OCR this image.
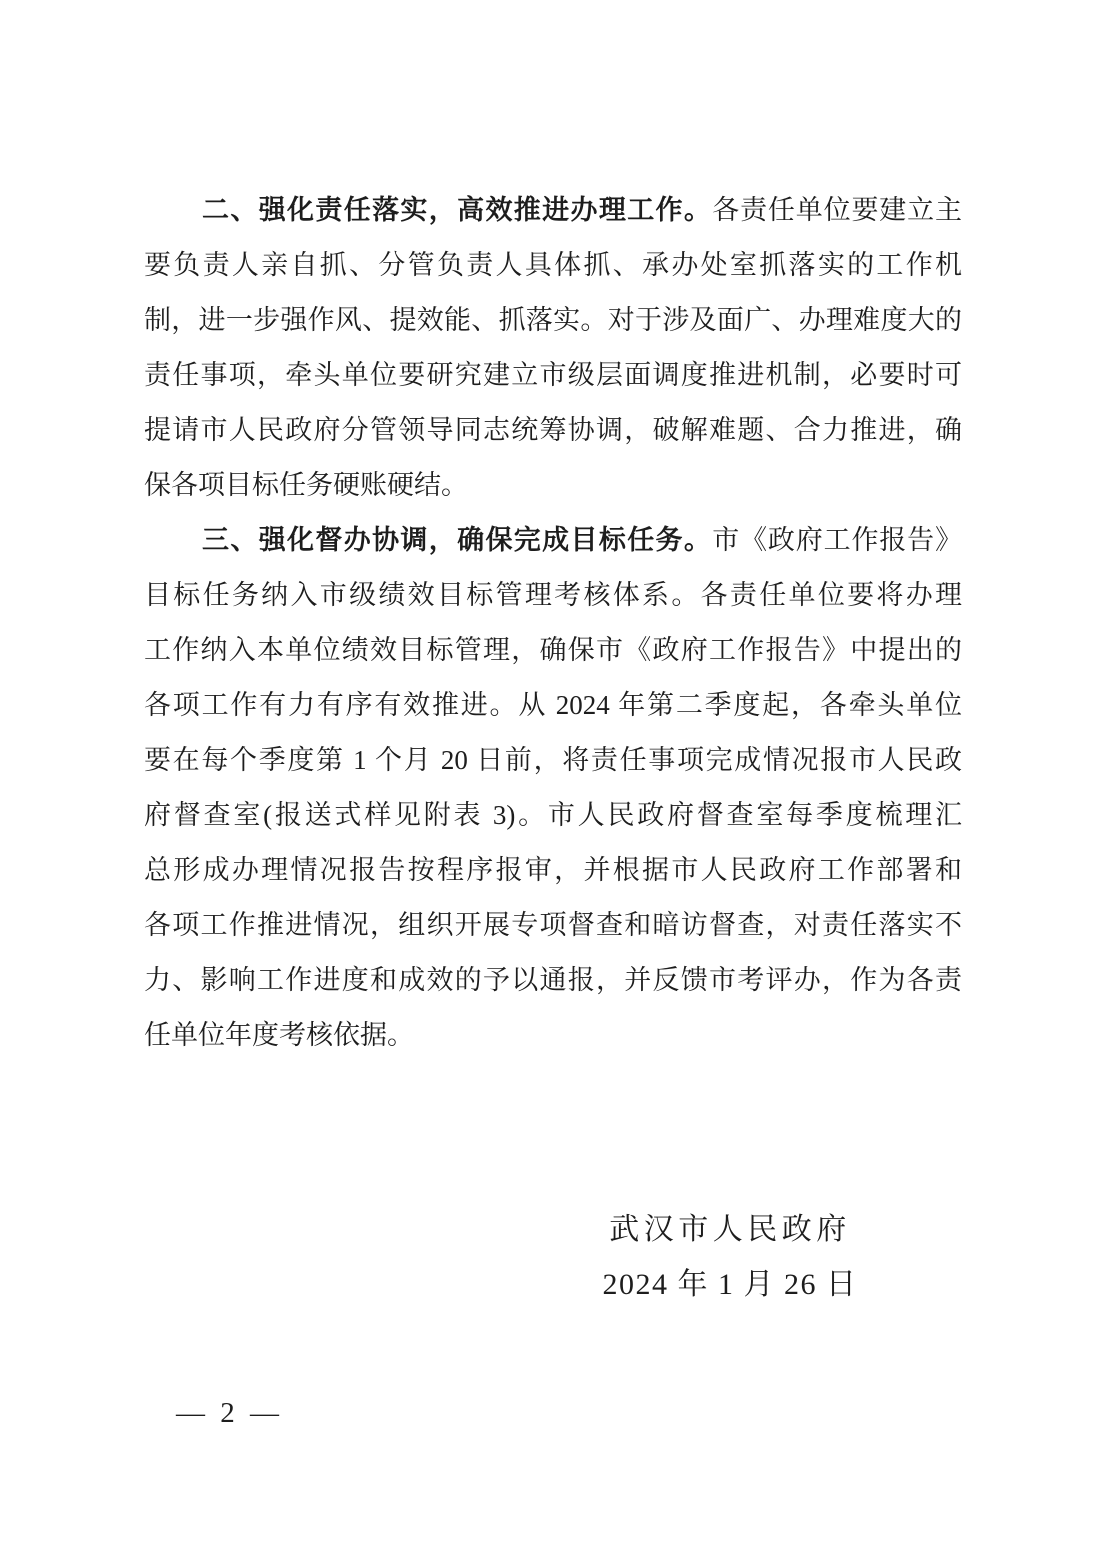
二、强化责任落实，高效推进办理工作。各责任单位要建立主
要负责人亲自抓、分管负责人具体抓、承办处室抓落实的工作机
制，进一步强作风、提效能、抓落实。对于涉及面广、办理难度大的
责任事项，牵头单位要研究建立市级层面调度推进机制，必要时可
提请市人民政府分管领导同志统筹协调，破解难题、合力推进，确
保各项目标任务硬账硬结。
三、强化督办协调，确保完成目标任务。市《政府工作报告》
目标任务纳入市级绩效目标管理考核体系。各责任单位要将办理
工作纳入本单位绩效目标管理，确保市《政府工作报告》中提出的
各项工作有力有序有效推进。从 2024 年第二季度起，各牵头单位
要在每个季度第 1 个月 20 日前，将责任事项完成情况报市人民政
府督查室(报送式样见附表 3)。市人民政府督查室每季度梳理汇
总形成办理情况报告按程序报审，并根据市人民政府工作部署和
各项工作推进情况，组织开展专项督查和暗访督查，对责任落实不
力、影响工作进度和成效的予以通报，并反馈市考评办，作为各责
任单位年度考核依据。
武汉市人民政府
2024 年 1 月 26 日
— 2 —
